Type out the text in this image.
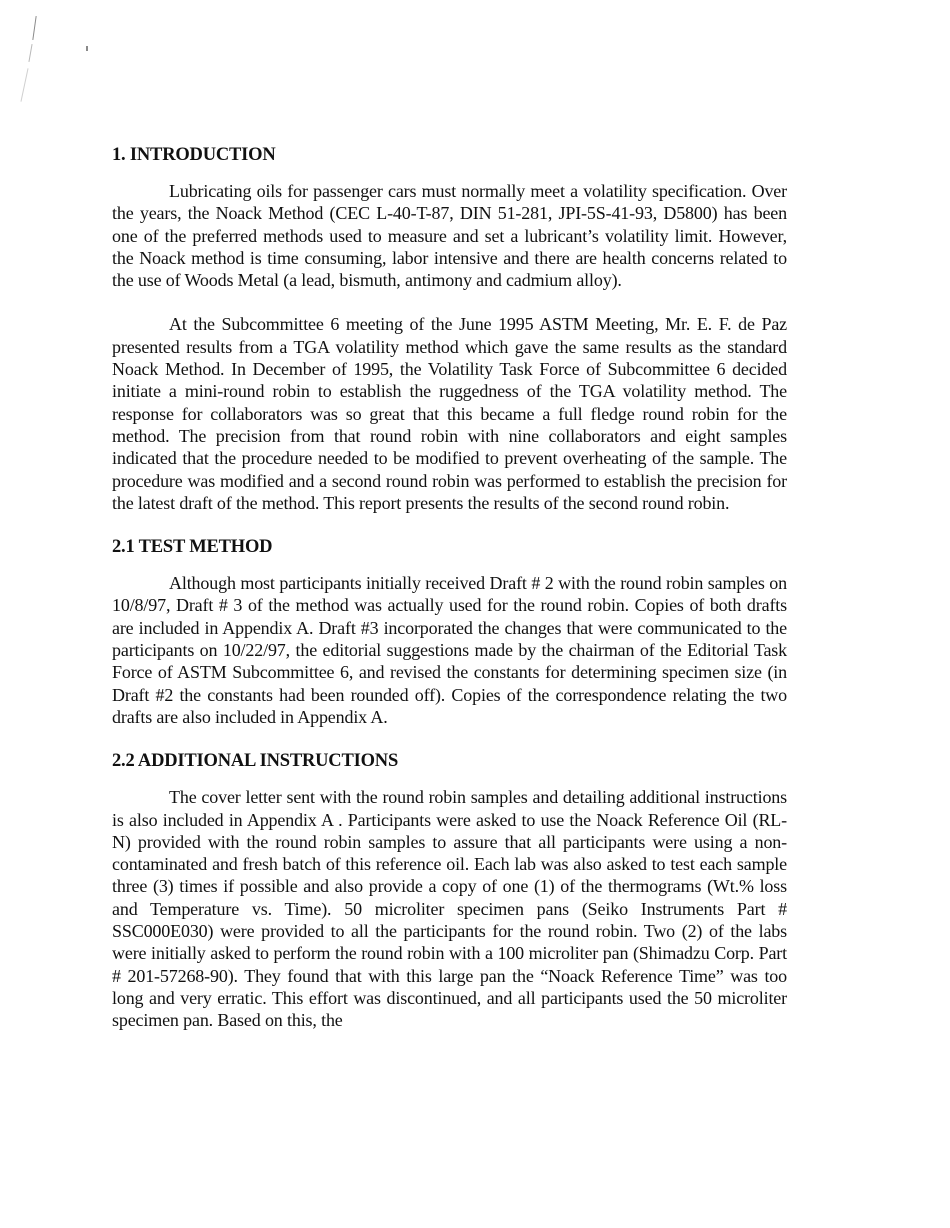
1. INTRODUCTION

Lubricating oils for passenger cars must normally meet a volatility specification. Over the years, the Noack Method (CEC L-40-T-87, DIN 51-281, JPI-5S-41-93, D5800) has been one of the preferred methods used to measure and set a lubricant’s volatility limit. However, the Noack method is time consuming, labor intensive and there are health concerns related to the use of Woods Metal (a lead, bismuth, antimony and cadmium alloy).

At the Subcommittee 6 meeting of the June 1995 ASTM Meeting, Mr. E. F. de Paz presented results from a TGA volatility method which gave the same results as the standard Noack Method. In December of 1995, the Volatility Task Force of Subcommittee 6 decided initiate a mini-round robin to establish the ruggedness of the TGA volatility method. The response for collaborators was so great that this became a full fledge round robin for the method. The precision from that round robin with nine collaborators and eight samples indicated that the procedure needed to be modified to prevent overheating of the sample. The procedure was modified and a second round robin was performed to establish the precision for the latest draft of the method. This report presents the results of the second round robin.

2.1 TEST METHOD

Although most participants initially received Draft # 2 with the round robin samples on 10/8/97, Draft # 3 of the method was actually used for the round robin. Copies of both drafts are included in Appendix A. Draft #3 incorporated the changes that were communicated to the participants on 10/22/97, the editorial suggestions made by the chairman of the Editorial Task Force of ASTM Subcommittee 6, and revised the constants for determining specimen size (in Draft #2 the constants had been rounded off). Copies of the correspondence relating the two drafts are also included in Appendix A.

2.2 ADDITIONAL INSTRUCTIONS

The cover letter sent with the round robin samples and detailing additional instructions is also included in Appendix A . Participants were asked to use the Noack Reference Oil (RL-N) provided with the round robin samples to assure that all participants were using a non-contaminated and fresh batch of this reference oil. Each lab was also asked to test each sample three (3) times if possible and also provide a copy of one (1) of the thermograms (Wt.% loss and Temperature vs. Time). 50 microliter specimen pans (Seiko Instruments Part # SSC000E030) were provided to all the participants for the round robin. Two (2) of the labs were initially asked to perform the round robin with a 100 microliter pan (Shimadzu Corp. Part # 201-57268-90). They found that with this large pan the “Noack Reference Time” was too long and very erratic. This effort was discontinued, and all participants used the 50 microliter specimen pan. Based on this, the
